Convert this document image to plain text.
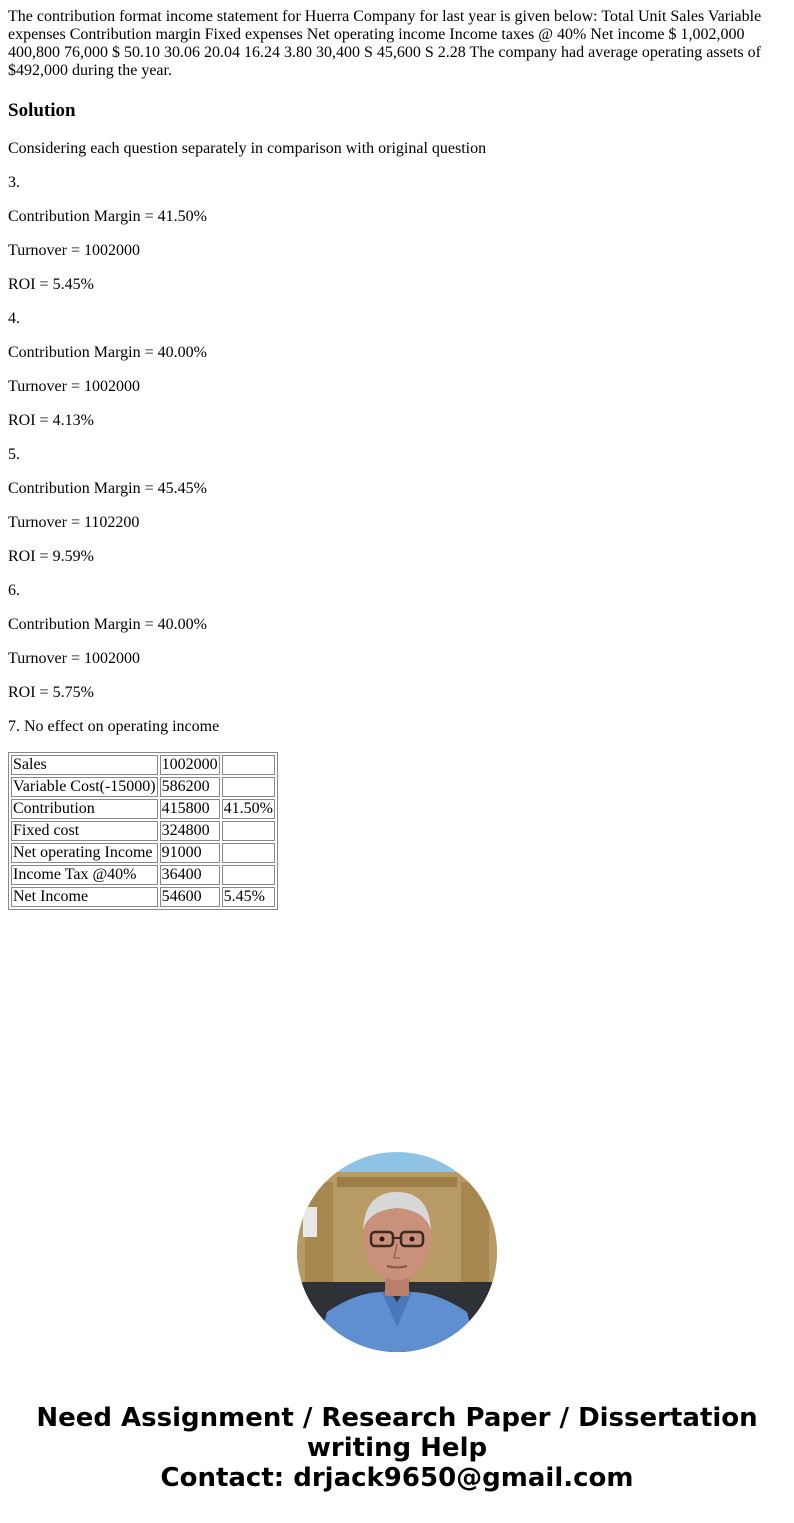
The contribution format income statement for Huerra Company for last year is given below: Total Unit Sales Variable expenses Contribution margin Fixed expenses Net operating income Income taxes @ 40% Net income $ 1,002,000 400,800 76,000 $ 50.10 30.06 20.04 16.24 3.80 30,400 S 45,600 S 2.28 The company had average operating assets of $492,000 during the year.

Solution

Considering each question separately in comparison with original question

3.

Contribution Margin = 41.50%

Turnover = 1002000

ROI = 5.45%

4.

Contribution Margin = 40.00%

Turnover = 1002000

ROI = 4.13%

5.

Contribution Margin = 45.45%

Turnover = 1102200

ROI = 9.59%

6.

Contribution Margin = 40.00%

Turnover = 1002000

ROI = 5.75%

7. No effect on operating income

Sales	1002000	
Variable Cost(-15000)	586200	
Contribution	415800	41.50%
Fixed cost	324800	
Net operating Income	91000	
Income Tax @40%	36400	
Net Income	54600	5.45%
Need Assignment / Research Paper / Dissertation
writing Help
Contact: drjack9650@gmail.com
